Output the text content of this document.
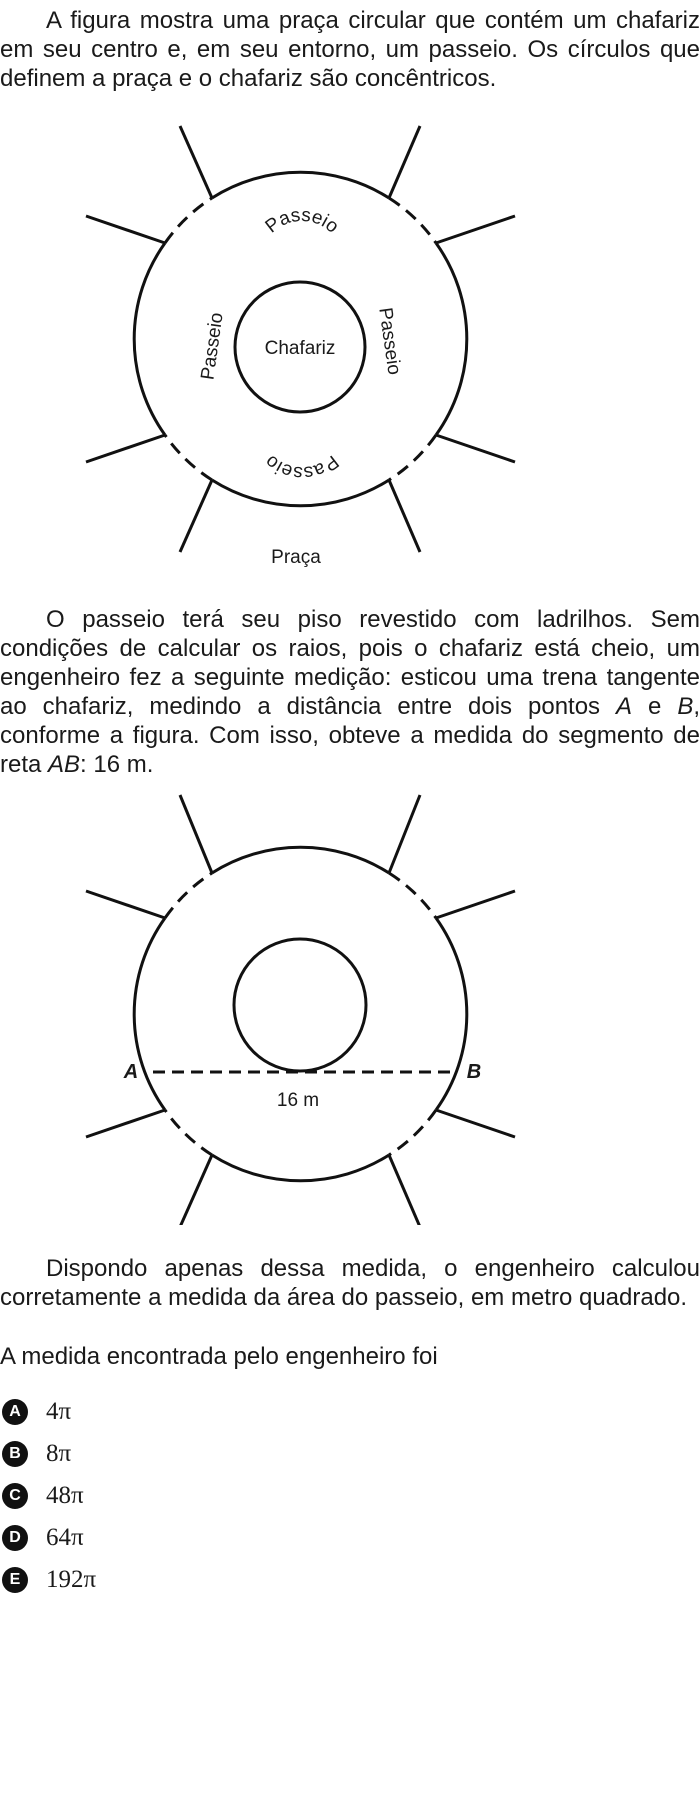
A figura mostra uma praça circular que contém um chafariz em seu centro e, em seu entorno, um passeio. Os círculos que definem a praça e o chafariz são concêntricos.

Passeio
Passeio
Passeio	Passeio
Chafariz
Praça

O passeio terá seu piso revestido com ladrilhos. Sem condições de calcular os raios, pois o chafariz está cheio, um engenheiro fez a seguinte medição: esticou uma trena tangente ao chafariz, medindo a distância entre dois pontos A e B, conforme a figura. Com isso, obteve a medida do segmento de reta AB: 16 m.

A	B
16 m

Dispondo apenas dessa medida, o engenheiro calculou corretamente a medida da área do passeio, em metro quadrado.

A medida encontrada pelo engenheiro foi
A 4π
B 8π
C 48π
D 64π
E	192π
